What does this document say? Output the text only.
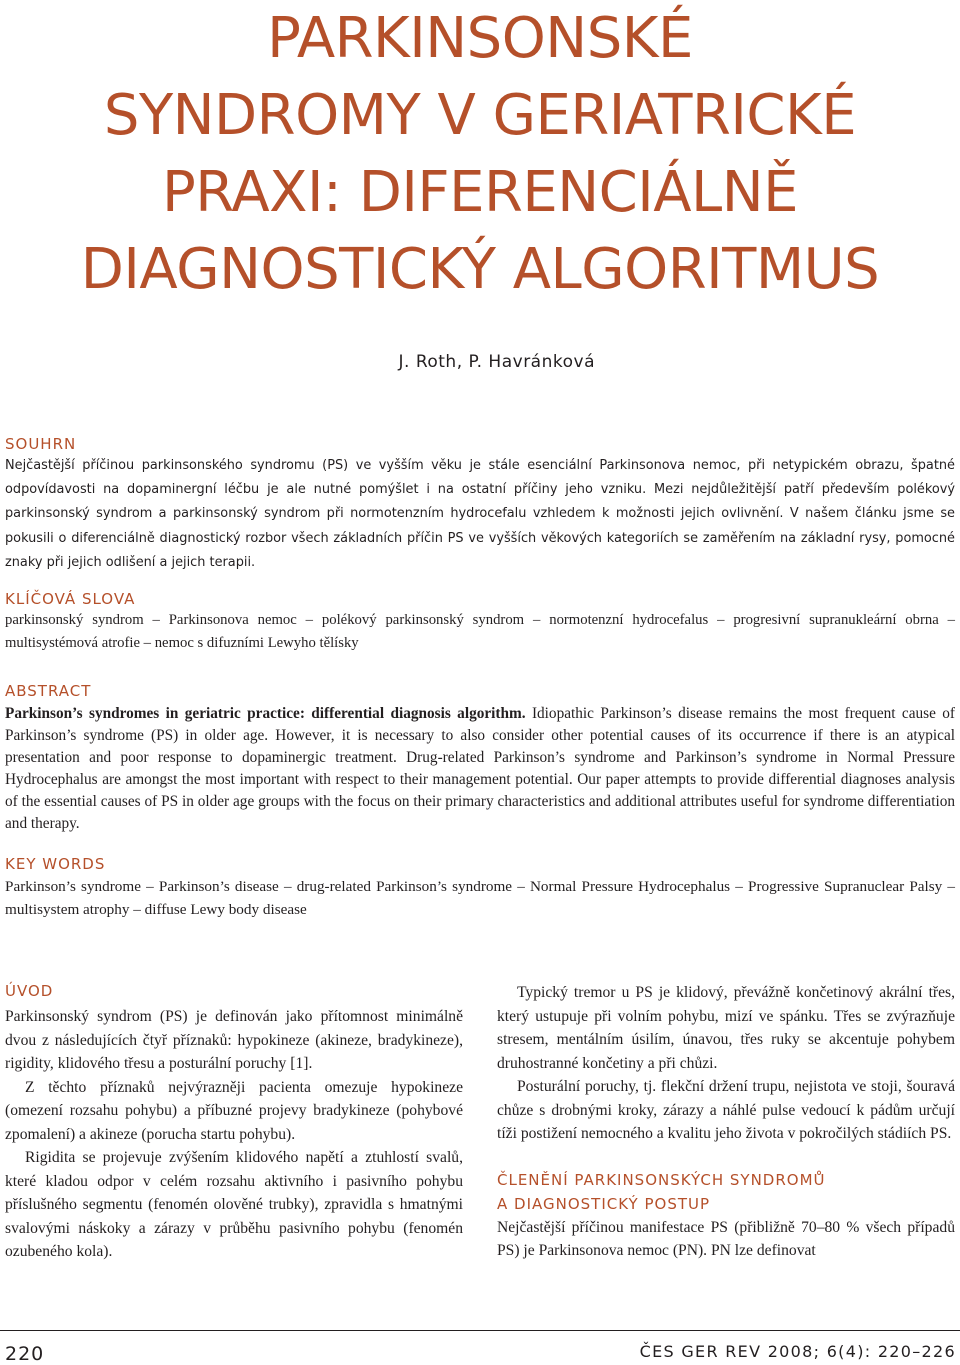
PARKINSONSKÉ
SYNDROMY V GERIATRICKÉ
PRAXI: DIFERENCIÁLNĚ
DIAGNOSTICKÝ ALGORITMUS
J. Roth, P. Havránková
SOUHRN

Nejčastější příčinou parkinsonského syndromu (PS) ve vyšším věku je stále esenciální Parkinsonova nemoc, při netypickém obrazu, špatné odpovídavosti na dopaminergní léčbu je ale nutné pomýšlet i na ostatní příčiny jeho vzniku. Mezi nejdůležitější patří především polékový parkinsonský syndrom a parkinsonský syndrom při normotenzním hydrocefalu vzhledem k možnosti jejich ovlivnění. V našem článku jsme se pokusili o diferenciálně diagnostický rozbor všech základních příčin PS ve vyšších věkových kategoriích se zaměřením na základní rysy, pomocné znaky při jejich odlišení a jejich terapii.

KLÍČOVÁ SLOVA

parkinsonský syndrom – Parkinsonova nemoc – polékový parkinsonský syndrom – normotenzní hydrocefalus – progresivní supranukleární obrna – multisystémová atrofie – nemoc s difuzními Lewyho tělísky

ABSTRACT

Parkinson’s syndromes in geriatric practice: differential diagnosis algorithm. Idiopathic Parkinson’s disease remains the most frequent cause of Parkinson’s syndrome (PS) in older age. However, it is necessary to also consider other potential causes of its occurrence if there is an atypical presentation and poor response to dopaminergic treatment. Drug-related Parkinson’s syndrome and Parkinson’s syndrome in Normal Pressure Hydrocephalus are amongst the most important with respect to their management potential. Our paper attempts to provide differential diagnoses analysis of the essential causes of PS in older age groups with the focus on their primary characteristics and additional attributes useful for syndrome differentiation and therapy.

KEY WORDS

Parkinson’s syndrome – Parkinson’s disease – drug-related Parkinson’s syndrome – Normal Pressure Hydrocephalus – Progressive Supranuclear Palsy – multisystem atrophy – diffuse Lewy body disease

ÚVOD

Parkinsonský syndrom (PS) je definován jako přítomnost minimálně dvou z následujících čtyř příznaků: hypokineze (akineze, bradykineze), rigidity, klidového třesu a posturální poruchy [1].

Z těchto příznaků nejvýrazněji pacienta omezuje hypokineze (omezení rozsahu pohybu) a příbuzné projevy bradykineze (pohybové zpomalení) a akineze (porucha startu pohybu).

Rigidita se projevuje zvýšením klidového napětí a ztuhlostí svalů, které kladou odpor v celém rozsahu aktivního i pasivního pohybu příslušného segmentu (fenomén olověné trubky), zpravidla s hmatnými svalovými náskoky a zárazy v průběhu pasivního pohybu (fenomén ozubeného kola).

Typický tremor u PS je klidový, převážně končetinový akrální třes, který ustupuje při volním pohybu, mizí ve spánku. Třes se zvýrazňuje stresem, mentálním úsilím, únavou, třes ruky se akcentuje pohybem druhostranné končetiny a při chůzi.

Posturální poruchy, tj. flekční držení trupu, nejistota ve stoji, šouravá chůze s drobnými kroky, zárazy a náhlé pulse vedoucí k pádům určují tíži postižení nemocného a kvalitu jeho života v pokročilých stádiích PS.

ČLENĚNÍ PARKINSONSKÝCH SYNDROMŮ
A DIAGNOSTICKÝ POSTUP

Nejčastější příčinou manifestace PS (přibližně 70–80 % všech případů PS) je Parkinsonova nemoc (PN). PN lze definovat

220	ČES GER REV 2008; 6(4): 220–226
